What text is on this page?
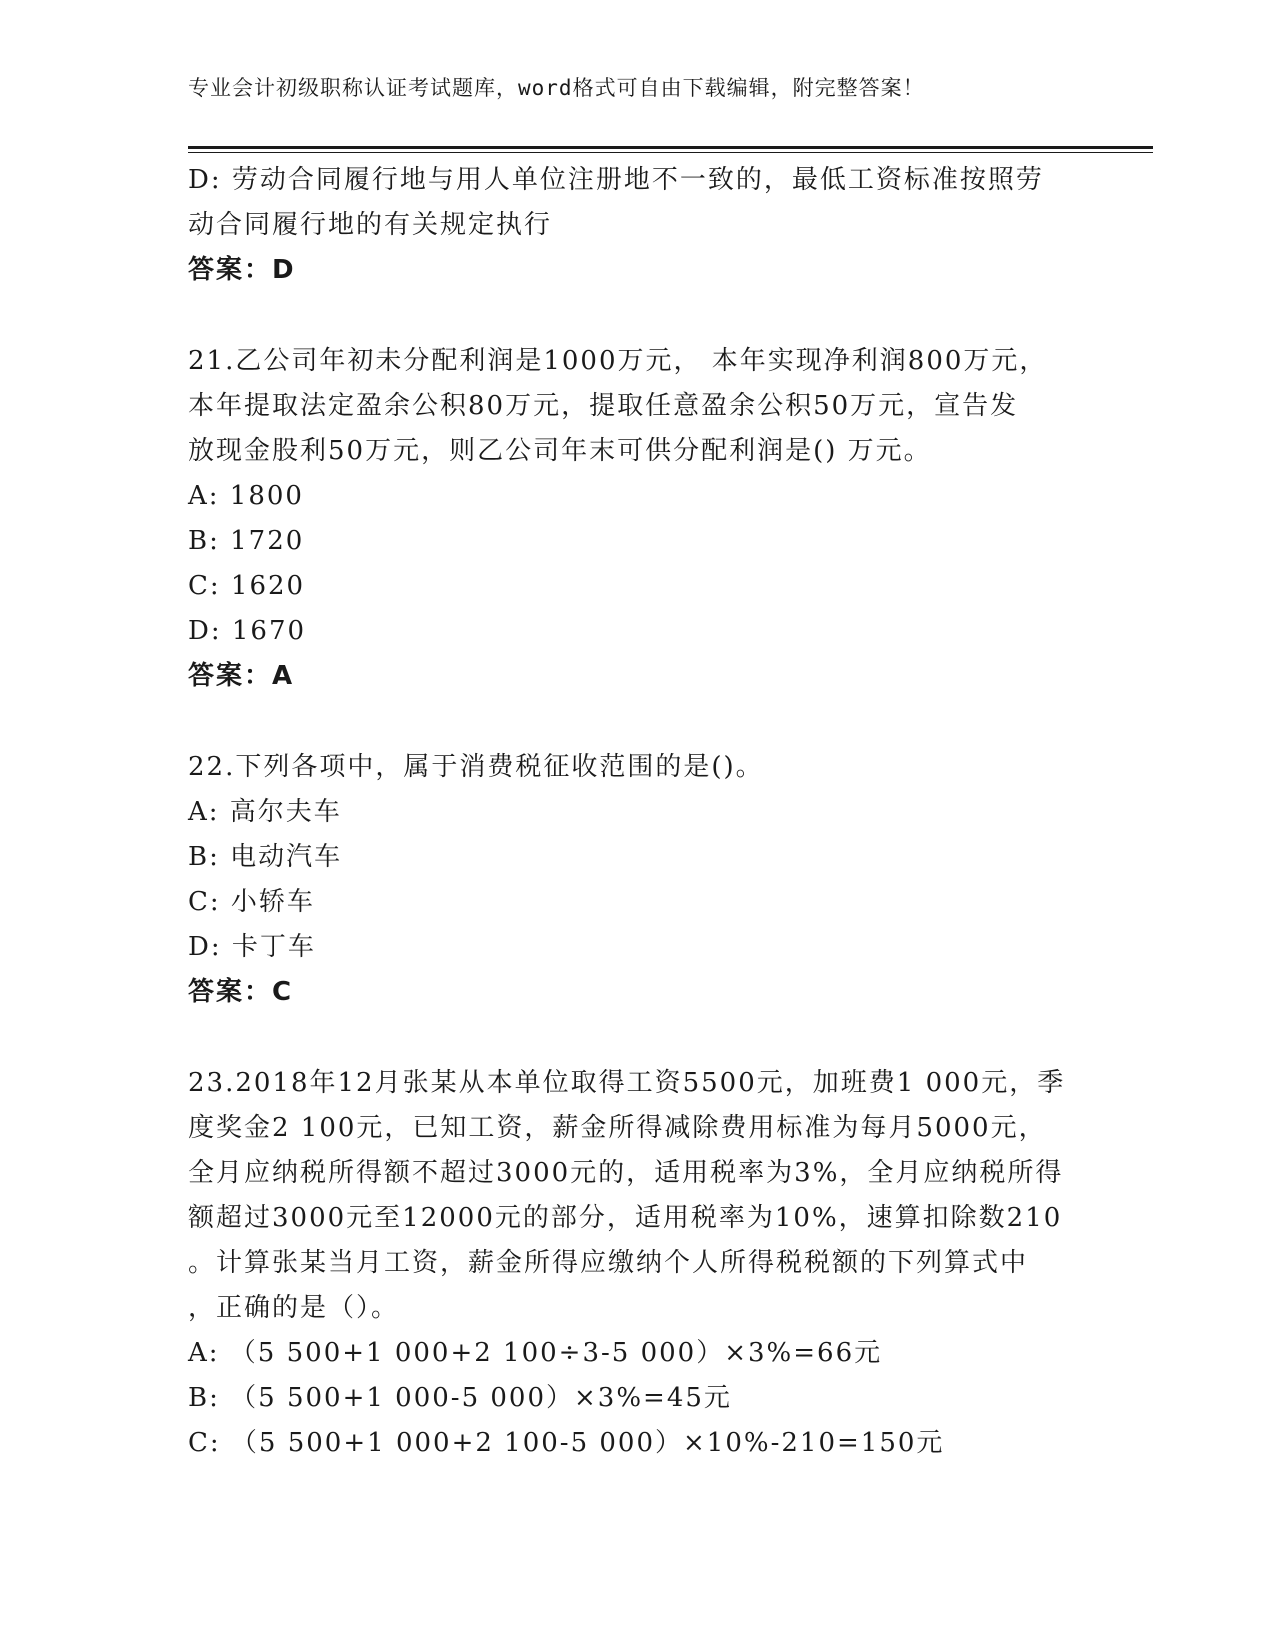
专业会计初级职称认证考试题库，word格式可自由下载编辑，附完整答案！
D: 劳动合同履行地与用人单位注册地不一致的，最低工资标准按照劳
动合同履行地的有关规定执行
答案：D
21.乙公司年初未分配利润是1000万元， 本年实现净利润800万元，
本年提取法定盈余公积80万元，提取任意盈余公积50万元，宣告发
放现金股利50万元，则乙公司年末可供分配利润是() 万元。
A: 1800
B: 1720
C: 1620
D: 1670
答案：A
22.下列各项中，属于消费税征收范围的是()。
A: 高尔夫车
B: 电动汽车
C: 小轿车
D: 卡丁车
答案：C
23.2018年12月张某从本单位取得工资5500元，加班费1 000元，季
度奖金2 100元，已知工资，薪金所得减除费用标准为每月5000元，
全月应纳税所得额不超过3000元的，适用税率为3%，全月应纳税所得
额超过3000元至12000元的部分，适用税率为10%，速算扣除数210
。计算张某当月工资，薪金所得应缴纳个人所得税税额的下列算式中
，正确的是（）。
A: （5 500+1 000+2 100÷3-5 000）×3%=66元
B: （5 500+1 000-5 000）×3%=45元
C: （5 500+1 000+2 100-5 000）×10%-210=150元
